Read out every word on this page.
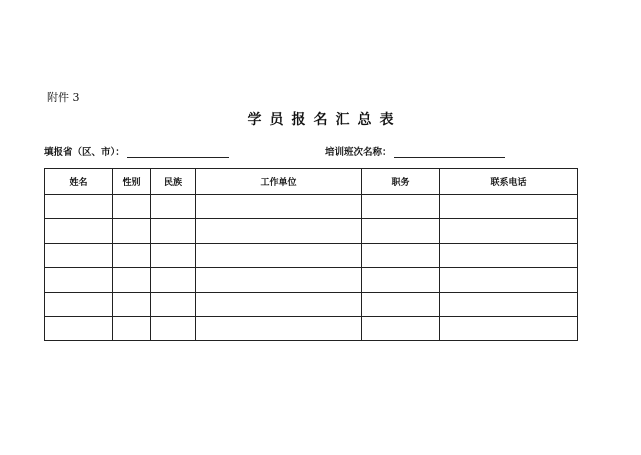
附件 3
学员报名汇总表
填报省（区、市）：	培训班次名称：
姓名	性别	民族	工作单位	职务	联系电话
